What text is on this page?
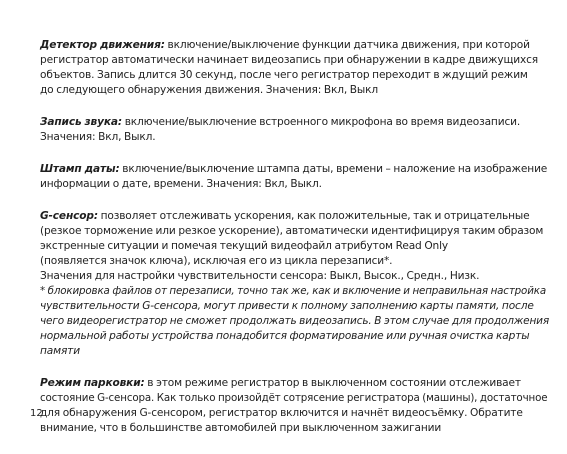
Детектор движения: включение/выключение функции датчика движения, при которой
регистратор автоматически начинает видеозапись при обнаружении в кадре движущихся
объектов. Запись длится 30 секунд, после чего регистратор переходит в ждущий режим
до следующего обнаружения движения. Значения: Вкл, Выкл
Запись звука: включение/выключение встроенного микрофона во время видеозаписи.
Значения: Вкл, Выкл.
Штамп даты: включение/выключение штампа даты, времени – наложение на изображение
информации о дате, времени. Значения: Вкл, Выкл.
G-сенсор: позволяет отслеживать ускорения, как положительные, так и отрицательные
(резкое торможение или резкое ускорение), автоматически идентифицируя таким образом
экстренные ситуации и помечая текущий видеофайл атрибутом Read Only
(появляется значок ключа), исключая его из цикла перезаписи*.
Значения для настройки чувствительности сенсора: Выкл, Высок., Средн., Низк.
* блокировка файлов от перезаписи, точно так же, как и включение и неправильная настройка
чувствительности G-сенсора, могут привести к полному заполнению карты памяти, после
чего видеорегистратор не сможет продолжать видеозапись. В этом случае для продолжения
нормальной работы устройства понадобится форматирование или ручная очистка карты
памяти
Режим парковки: в этом режиме регистратор в выключенном состоянии отслеживает
состояние G-сенсора. Как только произойдёт сотрясение регистратора (машины), достаточное
для обнаружения G-сенсором, регистратор включится и начнёт видеосъёмку. Обратите
внимание, что в большинстве автомобилей при выключенном зажигании
12
